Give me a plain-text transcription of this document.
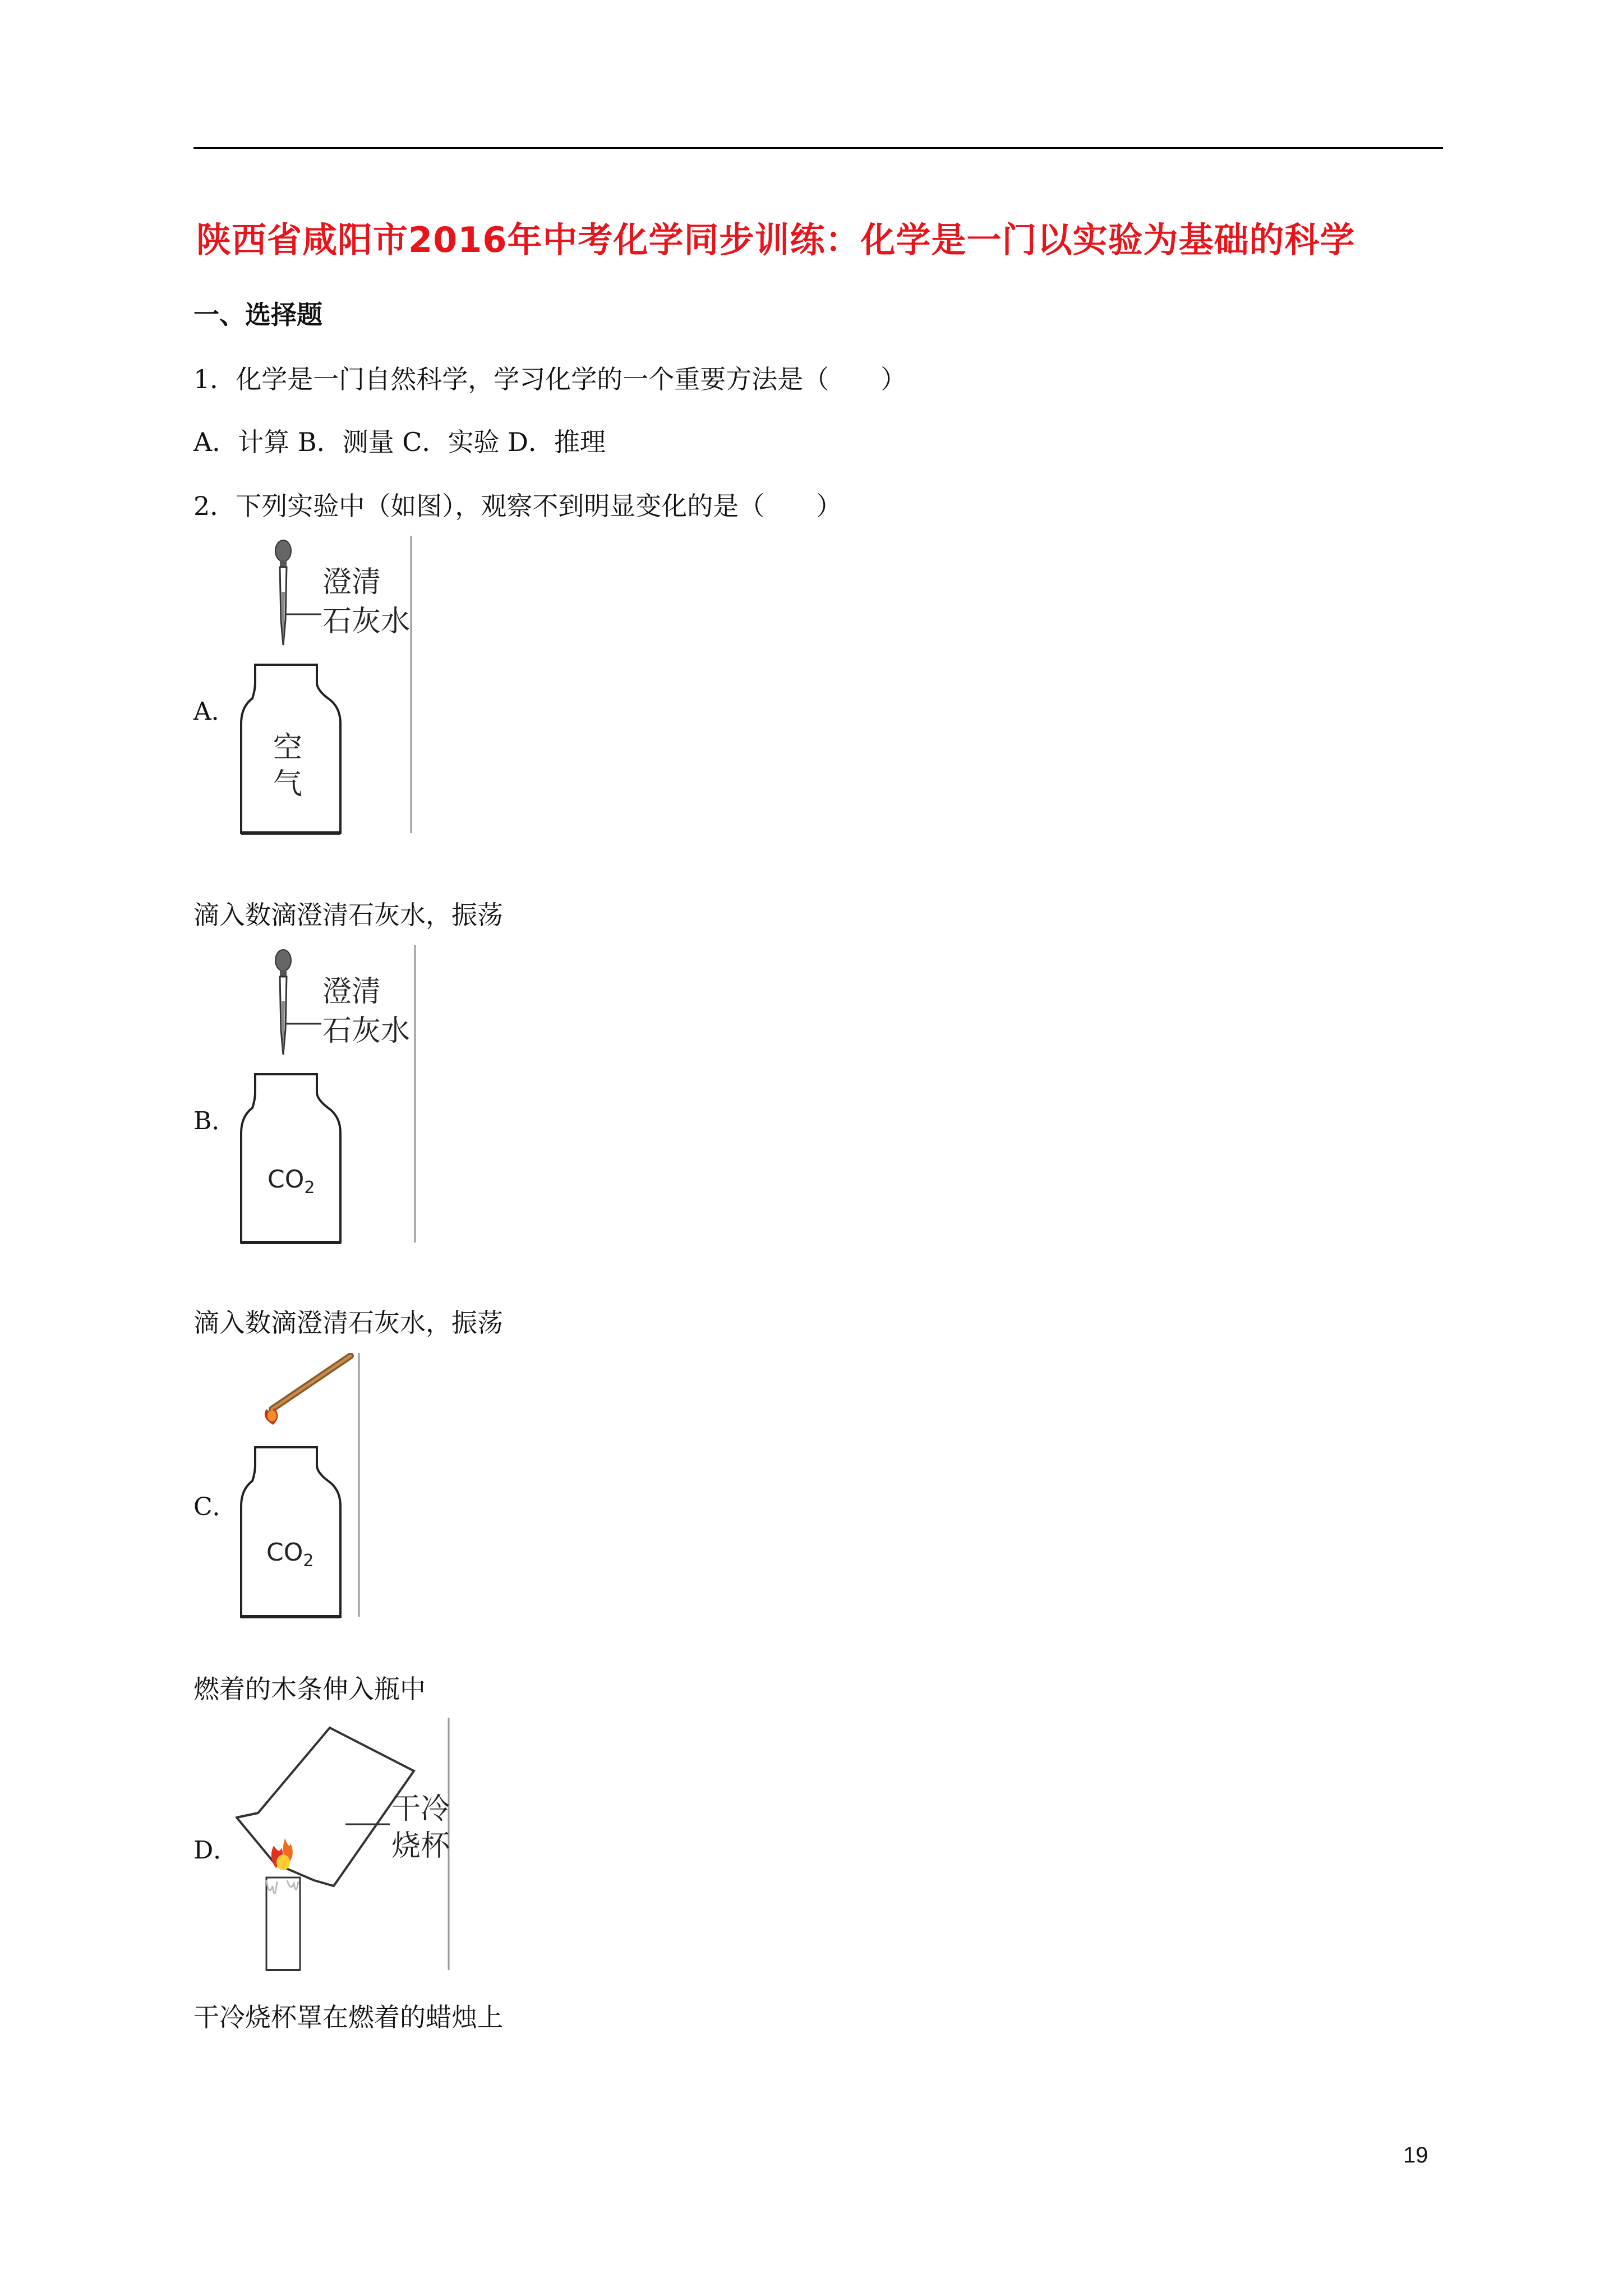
陕西省咸阳市2016年中考化学同步训练：化学是一门以实验为基础的科学
一、选择题
1．化学是一门自然科学，学习化学的一个重要方法是（　　）
A．计算 B．测量 C．实验 D．推理
2．下列实验中（如图），观察不到明显变化的是（　　）
A．
澄清
石灰水
空
气
滴入数滴澄清石灰水，振荡
B．
澄清
石灰水
$CO_2$
滴入数滴澄清石灰水，振荡
C．
$CO_2$
燃着的木条伸入瓶中
D．
干冷
烧杯
干冷烧杯罩在燃着的蜡烛上
19
